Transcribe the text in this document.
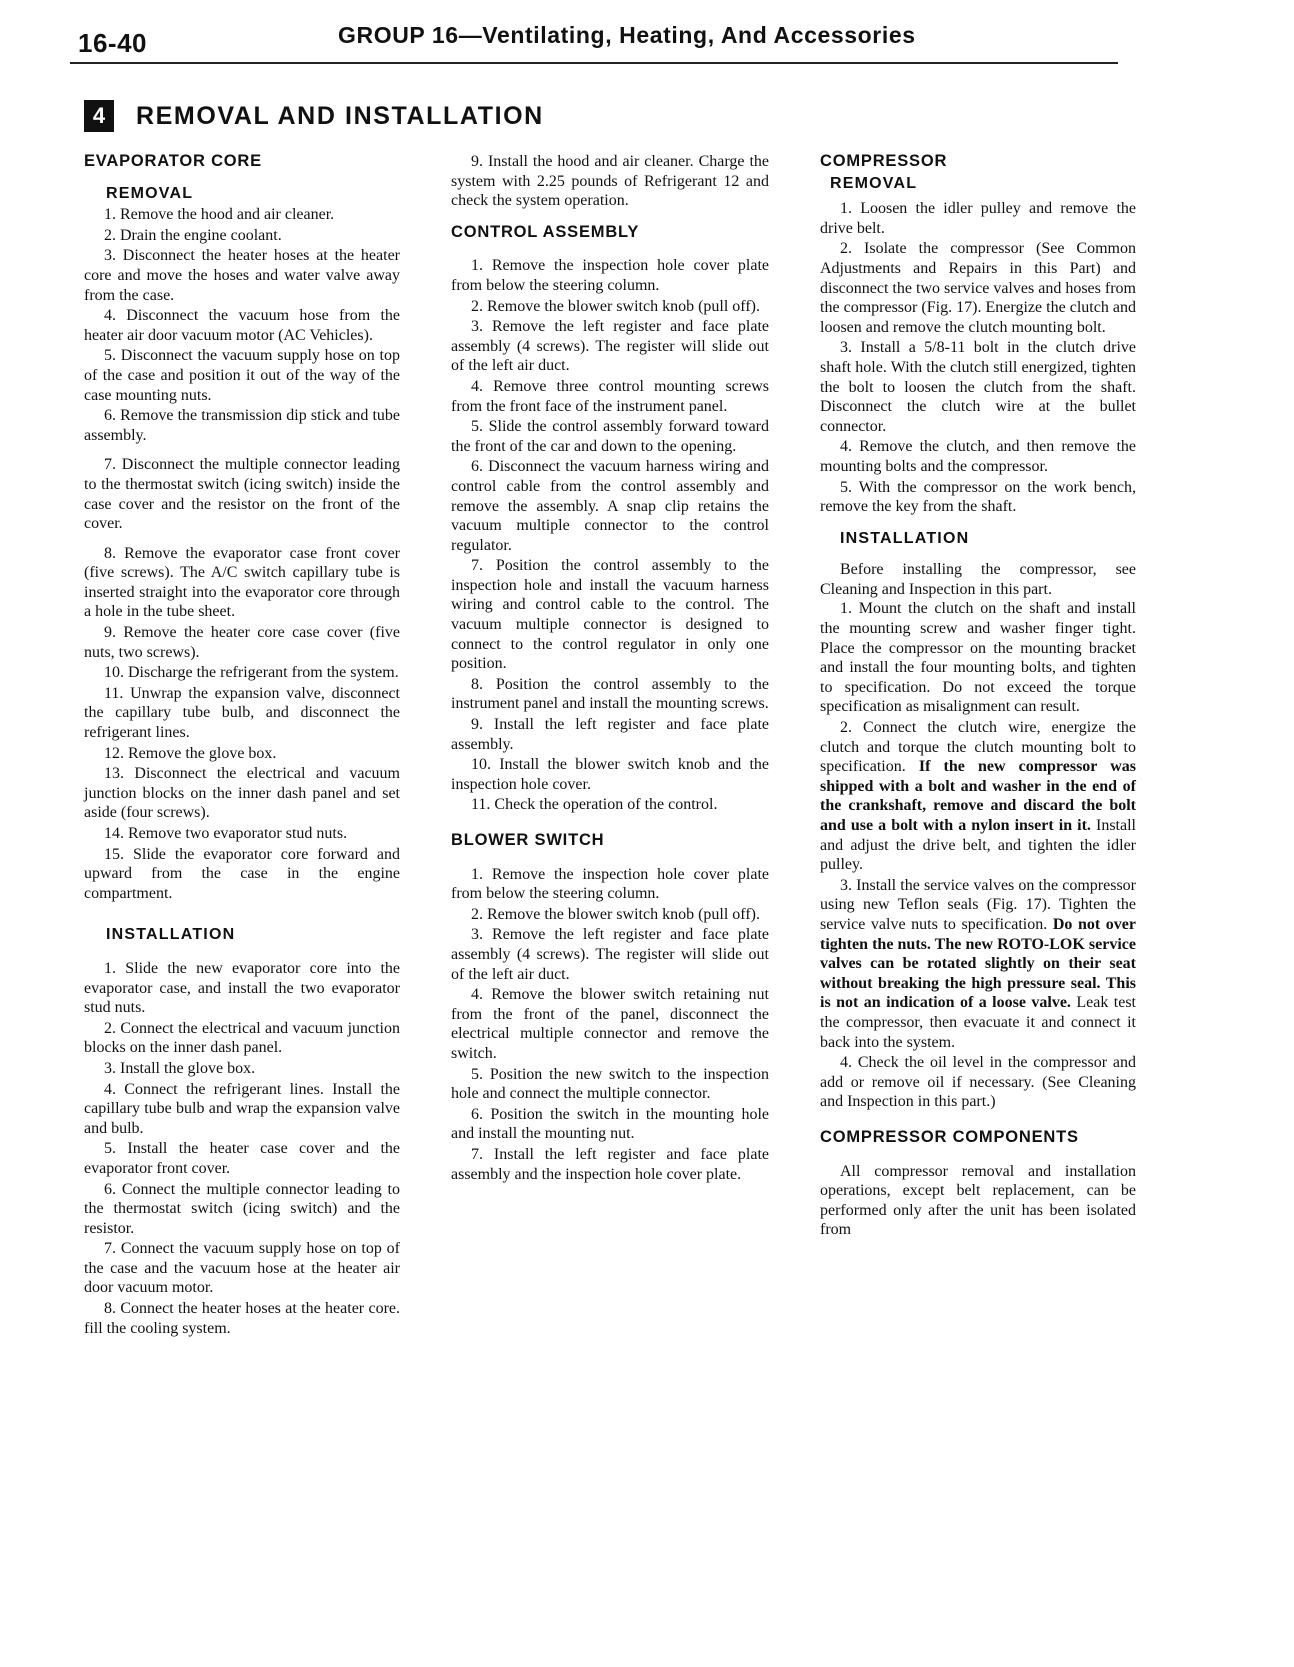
16-40	GROUP 16—Ventilating, Heating, And Accessories
4	REMOVAL AND INSTALLATION
EVAPORATOR CORE
REMOVAL

1. Remove the hood and air cleaner.

2. Drain the engine coolant.

3. Disconnect the heater hoses at the heater core and move the hoses and water valve away from the case.

4. Disconnect the vacuum hose from the heater air door vacuum motor (AC Vehicles).

5. Disconnect the vacuum supply hose on top of the case and position it out of the way of the case mounting nuts.

6. Remove the transmission dip stick and tube assembly.

7. Disconnect the multiple connector leading to the thermostat switch (icing switch) inside the case cover and the resistor on the front of the cover.

8. Remove the evaporator case front cover (five screws). The A/C switch capillary tube is inserted straight into the evaporator core through a hole in the tube sheet.

9. Remove the heater core case cover (five nuts, two screws).

10. Discharge the refrigerant from the system.

11. Unwrap the expansion valve, disconnect the capillary tube bulb, and disconnect the refrigerant lines.

12. Remove the glove box.

13. Disconnect the electrical and vacuum junction blocks on the inner dash panel and set aside (four screws).

14. Remove two evaporator stud nuts.

15. Slide the evaporator core forward and upward from the case in the engine compartment.

INSTALLATION

1. Slide the new evaporator core into the evaporator case, and install the two evaporator stud nuts.

2. Connect the electrical and vacuum junction blocks on the inner dash panel.

3. Install the glove box.

4. Connect the refrigerant lines. Install the capillary tube bulb and wrap the expansion valve and bulb.

5. Install the heater case cover and the evaporator front cover.

6. Connect the multiple connector leading to the thermostat switch (icing switch) and the resistor.

7. Connect the vacuum supply hose on top of the case and the vacuum hose at the heater air door vacuum motor.

8. Connect the heater hoses at the heater core. fill the cooling system.

9. Install the hood and air cleaner. Charge the system with 2.25 pounds of Refrigerant 12 and check the system operation.

CONTROL ASSEMBLY

1. Remove the inspection hole cover plate from below the steering column.

2. Remove the blower switch knob (pull off).

3. Remove the left register and face plate assembly (4 screws). The register will slide out of the left air duct.

4. Remove three control mounting screws from the front face of the instrument panel.

5. Slide the control assembly forward toward the front of the car and down to the opening.

6. Disconnect the vacuum harness wiring and control cable from the control assembly and remove the assembly. A snap clip retains the vacuum multiple connector to the control regulator.

7. Position the control assembly to the inspection hole and install the vacuum harness wiring and control cable to the control. The vacuum multiple connector is designed to connect to the control regulator in only one position.

8. Position the control assembly to the instrument panel and install the mounting screws.

9. Install the left register and face plate assembly.

10. Install the blower switch knob and the inspection hole cover.

11. Check the operation of the control.

BLOWER SWITCH

1. Remove the inspection hole cover plate from below the steering column.

2. Remove the blower switch knob (pull off).

3. Remove the left register and face plate assembly (4 screws). The register will slide out of the left air duct.

4. Remove the blower switch retaining nut from the front of the panel, disconnect the electrical multiple connector and remove the switch.

5. Position the new switch to the inspection hole and connect the multiple connector.

6. Position the switch in the mounting hole and install the mounting nut.

7. Install the left register and face plate assembly and the inspection hole cover plate.

COMPRESSOR
REMOVAL

1. Loosen the idler pulley and remove the drive belt.

2. Isolate the compressor (See Common Adjustments and Repairs in this Part) and disconnect the two service valves and hoses from the compressor (Fig. 17). Energize the clutch and loosen and remove the clutch mounting bolt.

3. Install a 5/8-11 bolt in the clutch drive shaft hole. With the clutch still energized, tighten the bolt to loosen the clutch from the shaft. Disconnect the clutch wire at the bullet connector.

4. Remove the clutch, and then remove the mounting bolts and the compressor.

5. With the compressor on the work bench, remove the key from the shaft.

INSTALLATION

Before installing the compressor, see Cleaning and Inspection in this part.

1. Mount the clutch on the shaft and install the mounting screw and washer finger tight. Place the compressor on the mounting bracket and install the four mounting bolts, and tighten to specification. Do not exceed the torque specification as misalignment can result.

2. Connect the clutch wire, energize the clutch and torque the clutch mounting bolt to specification. If the new compressor was shipped with a bolt and washer in the end of the crankshaft, remove and discard the bolt and use a bolt with a nylon insert in it. Install and adjust the drive belt, and tighten the idler pulley.

3. Install the service valves on the compressor using new Teflon seals (Fig. 17). Tighten the service valve nuts to specification. Do not over tighten the nuts. The new ROTO-LOK service valves can be rotated slightly on their seat without breaking the high pressure seal. This is not an indication of a loose valve. Leak test the compressor, then evacuate it and connect it back into the system.

4. Check the oil level in the compressor and add or remove oil if necessary. (See Cleaning and Inspection in this part.)

COMPRESSOR COMPONENTS

All compressor removal and installation operations, except belt replacement, can be performed only after the unit has been isolated from
